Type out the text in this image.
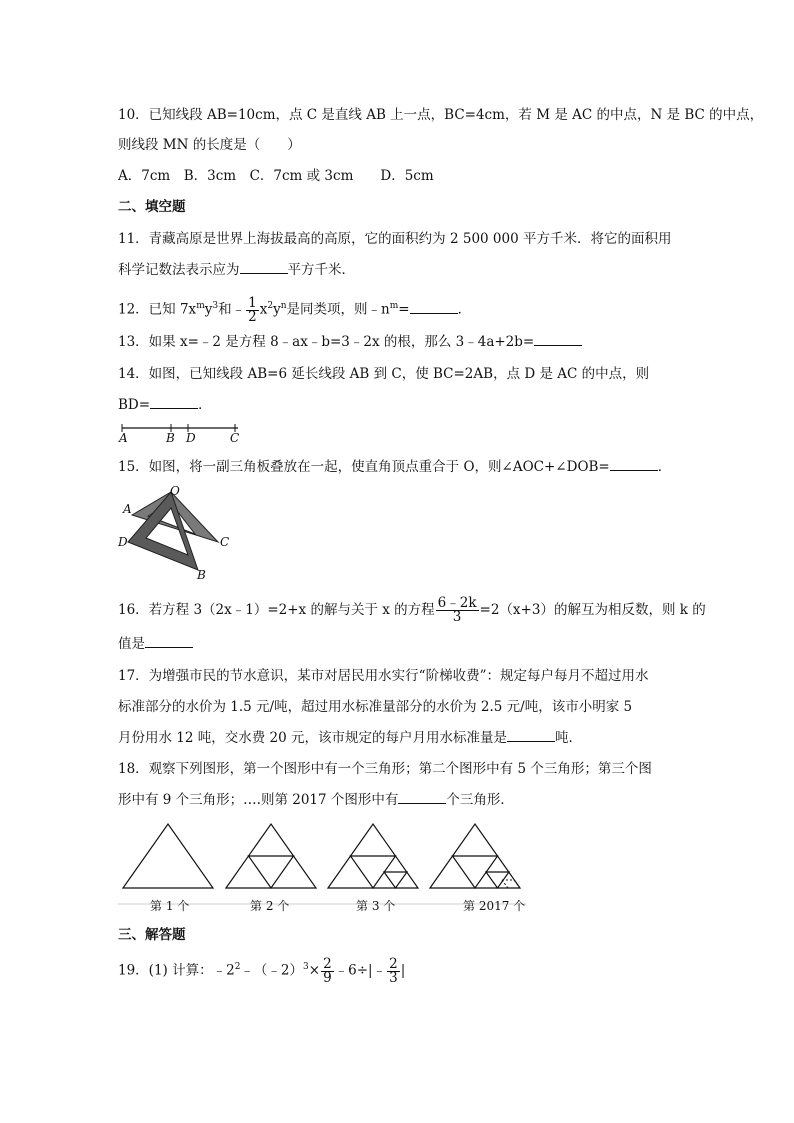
10．已知线段 AB=10cm，点 C 是直线 AB 上一点，BC=4cm，若 M 是 AC 的中点，N 是 BC 的中点，
则线段 MN 的长度是（　　）
A．7cm　B．3cm　C．7cm 或 3cm　　D．5cm
二、填空题
11．青藏高原是世界上海拔最高的高原，它的面积约为 2 500 000 平方千米．将它的面积用
科学记数法表示应为	平方千米．
12．已知 $7x^my^3$和﹣ $\frac{1}{2} x^2y^n$是同类项，则$﹣n^m=$	．
13．如果 x=﹣2 是方程 8﹣ax﹣b=3﹣2x 的根，那么 3﹣4a+2b=
14．如图，已知线段 AB=6 延长线段 AB 到 C，使 BC=2AB，点 D 是 AC 的中点，则
BD=	．
A	B D	C
15．如图，将一副三角板叠放在一起，使直角顶点重合于 O，则∠AOC+∠DOB=	．
O
A
D	C
B
16．若方程 3（2x﹣1）=2+x 的解与关于 x 的方程 $\frac{6﹣2k}{3} =2(x+3)$的解互为相反数，则 k 的
值是
17．为增强市民的节水意识，某市对居民用水实行“阶梯收费”：规定每户每月不超过用水
标准部分的水价为 1.5 元/吨，超过用水标准量部分的水价为 2.5 元/吨，该市小明家 5
月份用水 12 吨，交水费 20 元，该市规定的每户月用水标准量是	吨．
18．观察下列图形，第一个图形中有一个三角形；第二个图形中有 5 个三角形；第三个图
形中有 9 个三角形；….则第 2017 个图形中有	个三角形．
第 1 个	第 2 个	第 3 个	第 2017 个
三、解答题
19．(1) 计算：$﹣2^2﹣(﹣2)^3\times \frac{2}{9}$ ﹣6÷|﹣ $\frac{2}{3}$ |
